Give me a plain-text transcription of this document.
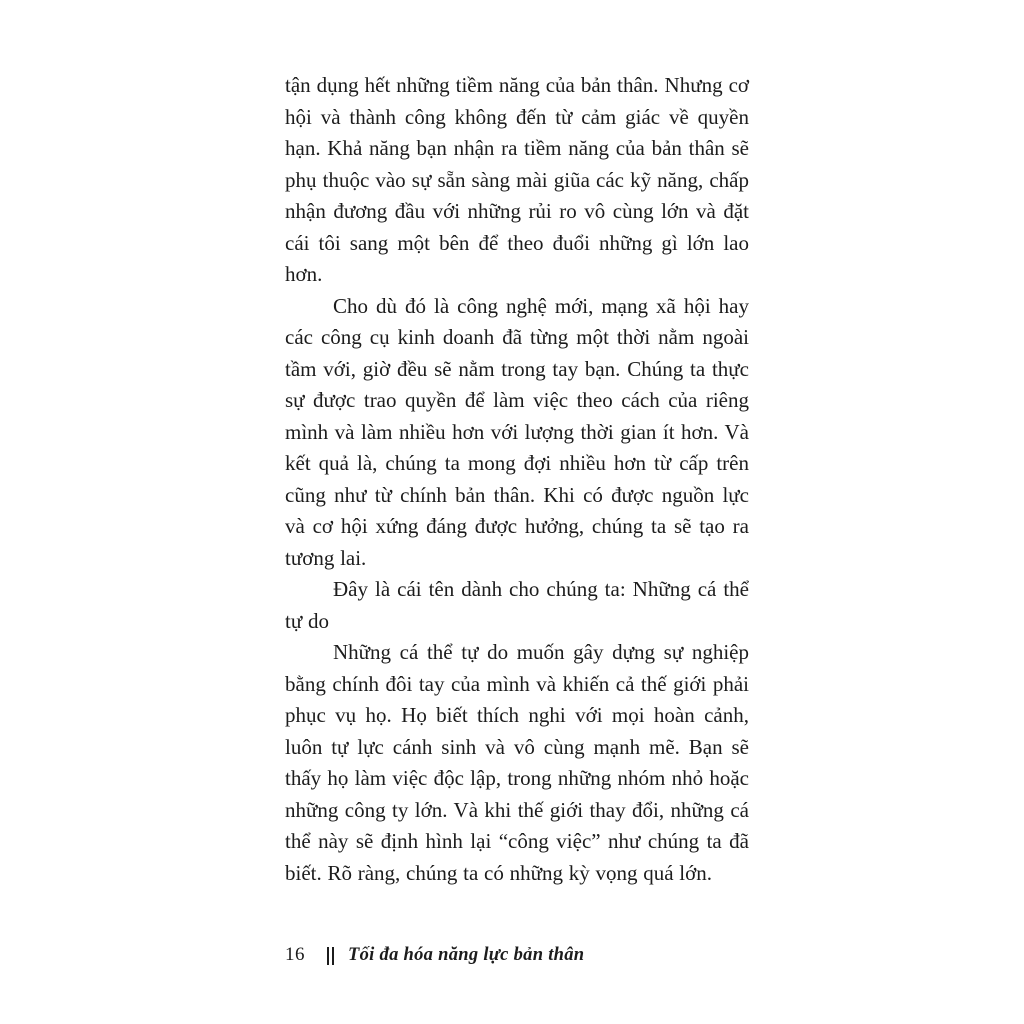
tận dụng hết những tiềm năng của bản thân. Nhưng cơ hội và thành công không đến từ cảm giác về quyền hạn. Khả năng bạn nhận ra tiềm năng của bản thân sẽ phụ thuộc vào sự sẵn sàng mài giũa các kỹ năng, chấp nhận đương đầu với những rủi ro vô cùng lớn và đặt cái tôi sang một bên để theo đuổi những gì lớn lao hơn.

Cho dù đó là công nghệ mới, mạng xã hội hay các công cụ kinh doanh đã từng một thời nằm ngoài tầm với, giờ đều sẽ nằm trong tay bạn. Chúng ta thực sự được trao quyền để làm việc theo cách của riêng mình và làm nhiều hơn với lượng thời gian ít hơn. Và kết quả là, chúng ta mong đợi nhiều hơn từ cấp trên cũng như từ chính bản thân. Khi có được nguồn lực và cơ hội xứng đáng được hưởng, chúng ta sẽ tạo ra tương lai.

Đây là cái tên dành cho chúng ta: Những cá thể tự do

Những cá thể tự do muốn gây dựng sự nghiệp bằng chính đôi tay của mình và khiến cả thế giới phải phục vụ họ. Họ biết thích nghi với mọi hoàn cảnh, luôn tự lực cánh sinh và vô cùng mạnh mẽ. Bạn sẽ thấy họ làm việc độc lập, trong những nhóm nhỏ hoặc những công ty lớn. Và khi thế giới thay đổi, những cá thể này sẽ định hình lại “công việc” như chúng ta đã biết. Rõ ràng, chúng ta có những kỳ vọng quá lớn.

16 Tối đa hóa năng lực bản thân
